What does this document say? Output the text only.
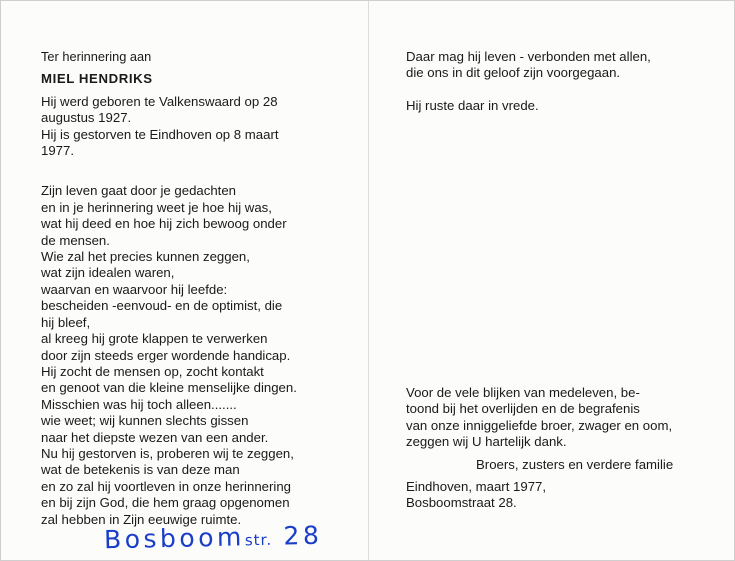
Ter herinnering aan

MIEL HENDRIKS

Hij werd geboren te Valkenswaard op 28

augustus 1927.

Hij is gestorven te Eindhoven op 8 maart

1977.

Zijn leven gaat door je gedachten

en in je herinnering weet je hoe hij was,

wat hij deed en hoe hij zich bewoog onder

de mensen.

Wie zal het precies kunnen zeggen,

wat zijn idealen waren,

waarvan en waarvoor hij leefde:

bescheiden -eenvoud- en de optimist, die

hij bleef,

al kreeg hij grote klappen te verwerken

door zijn steeds erger wordende handicap.

Hij zocht de mensen op, zocht kontakt

en genoot van die kleine menselijke dingen.

Misschien was hij toch alleen.......

wie weet; wij kunnen slechts gissen

naar het diepste wezen van een ander.

Nu hij gestorven is, proberen wij te zeggen,

wat de betekenis is van deze man

en zo zal hij voortleven in onze herinnering

en bij zijn God, die hem graag opgenomen

zal hebben in Zijn eeuwige ruimte.

Bosboomstr. 28

Daar mag hij leven - verbonden met allen,

die ons in dit geloof zijn voorgegaan.

Hij ruste daar in vrede.

Voor de vele blijken van medeleven, be-

toond bij het overlijden en de begrafenis

van onze inniggeliefde broer, zwager en oom,

zeggen wij U hartelijk dank.

Broers, zusters en verdere familie

Eindhoven, maart 1977,

Bosboomstraat 28.
